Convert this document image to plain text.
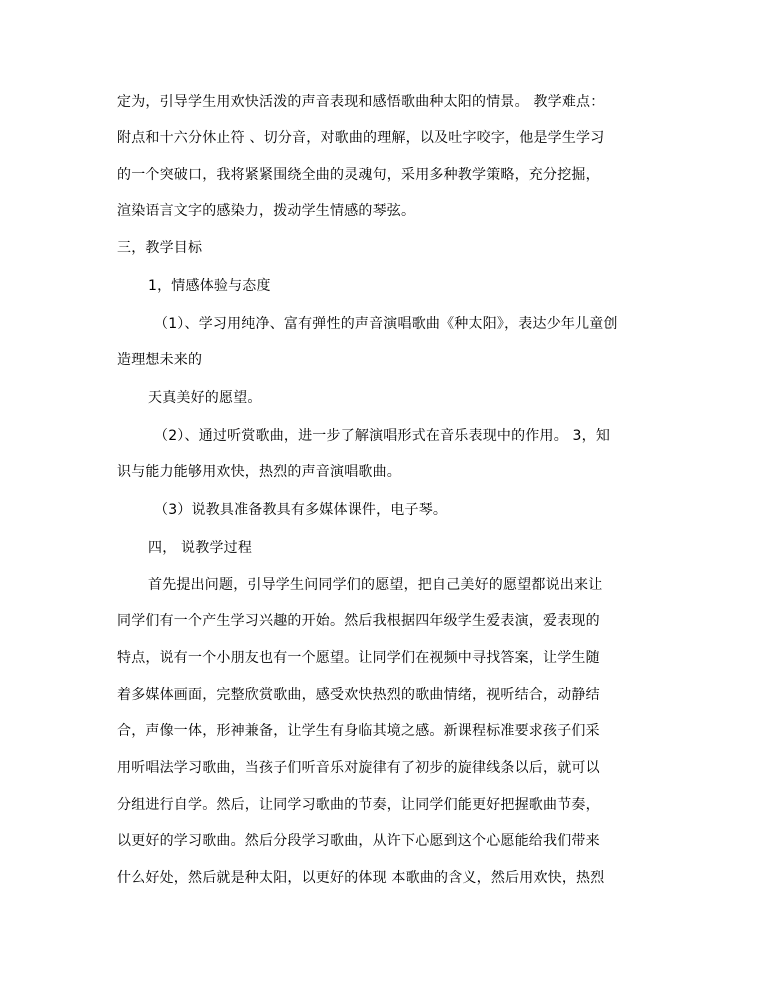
定为，引导学生用欢快活泼的声音表现和感悟歌曲种太阳的情景。 教学难点：
附点和十六分休止符 、切分音，对歌曲的理解，以及吐字咬字，他是学生学习
的一个突破口，我将紧紧围绕全曲的灵魂句，采用多种教学策略，充分挖掘，
渲染语言文字的感染力，拨动学生情感的琴弦。
三，教学目标
1，情感体验与态度
（1）、学习用纯净、富有弹性的声音演唱歌曲《种太阳》，表达少年儿童创
造理想未来的
天真美好的愿望。
（2）、通过听赏歌曲，进一步了解演唱形式在音乐表现中的作用。 3，知
识与能力能够用欢快，热烈的声音演唱歌曲。
（3）说教具准备教具有多媒体课件，电子琴。
四， 说教学过程
首先提出问题，引导学生问同学们的愿望，把自己美好的愿望都说出来让
同学们有一个产生学习兴趣的开始。然后我根据四年级学生爱表演，爱表现的
特点，说有一个小朋友也有一个愿望。让同学们在视频中寻找答案，让学生随
着多媒体画面，完整欣赏歌曲，感受欢快热烈的歌曲情绪，视听结合，动静结
合，声像一体，形神兼备，让学生有身临其境之感。新课程标准要求孩子们采
用听唱法学习歌曲，当孩子们听音乐对旋律有了初步的旋律线条以后，就可以
分组进行自学。然后，让同学习歌曲的节奏，让同学们能更好把握歌曲节奏，
以更好的学习歌曲。然后分段学习歌曲，从许下心愿到这个心愿能给我们带来
什么好处，然后就是种太阳，以更好的体现 本歌曲的含义，然后用欢快，热烈
